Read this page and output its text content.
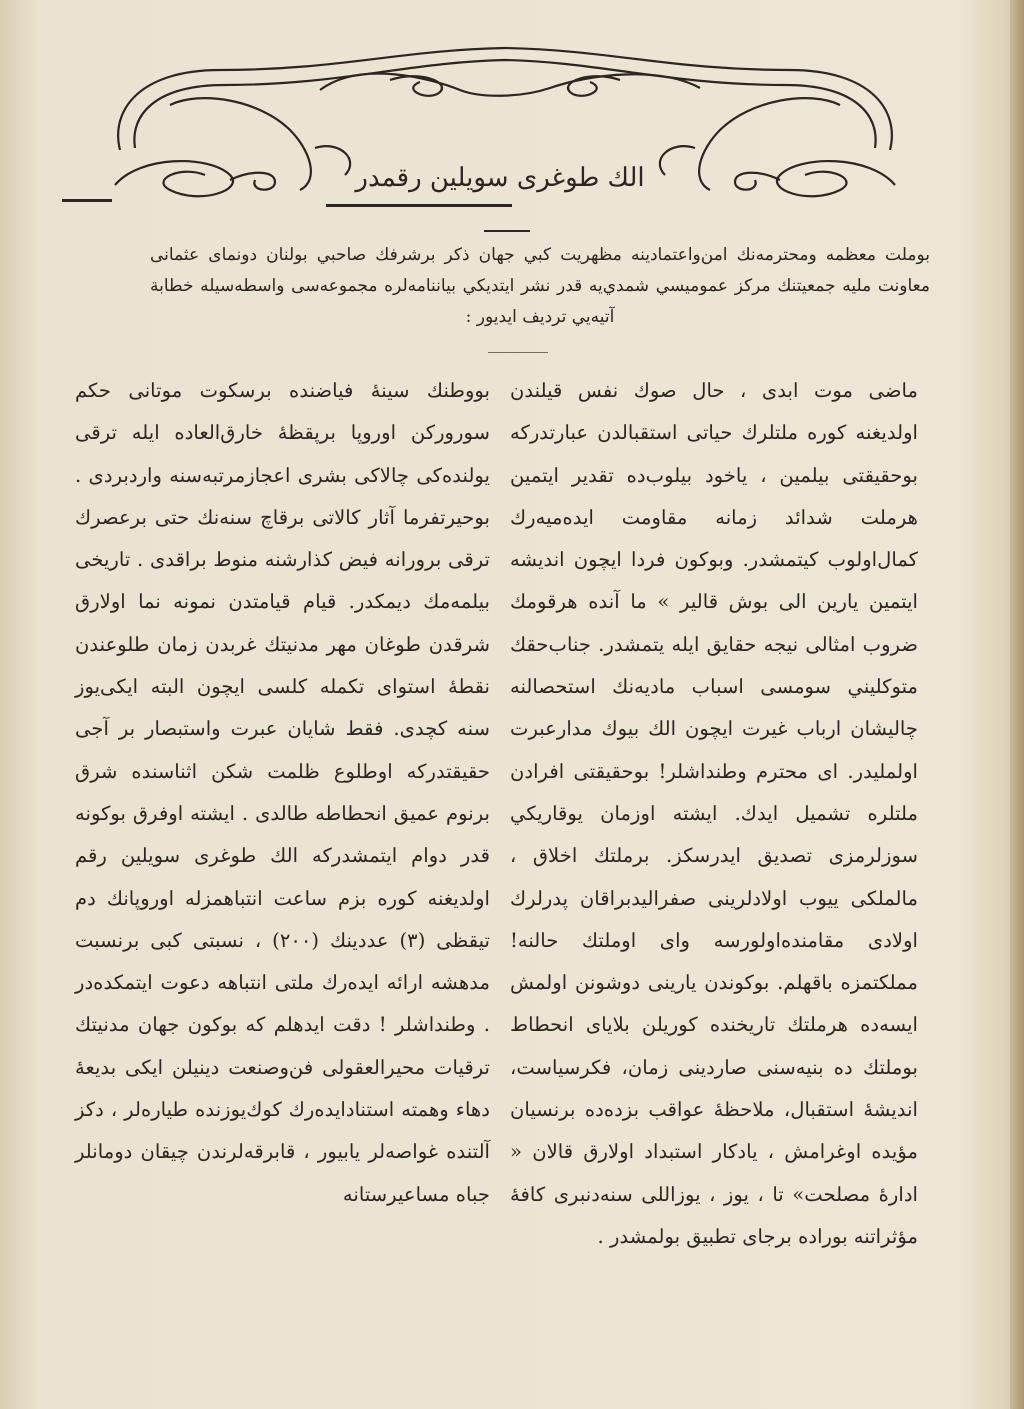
الك طوغرى سويلين رقمدر
بوملت معظمه ومحترمه‌نك امن‌واعتمادينه مظهريت كبي جهان ذكر برشرفك صاحبي بولنان دونمای عثمانی معاونت مليه جمعيتنك مركز عموميسي شمدي‌يه قدر نشر ايتديكي بياننامه‌لره مجموعه‌سی واسطه‌سيله خطابة آتيه‌يي ترديف ايديور :
ماضی موت ابدی ، حال صوك نفس قيلندن اولديغنه كوره ملتلرك حياتی استقبالدن عبارتدركه بوحقيقتی بيلمين ، ياخود بيلوب‌ده تقدير ايتمين هرملت شدائد زمانه مقاومت ايده‌ميه‌رك كمال‌اولوب كيتمشدر. وبوكون فردا ايچون انديشه ايتمين يارين الی بوش قالير » ما آنده هرقومك ضروب امثالی نيجه حقايق ايله يتمشدر. جناب‌حقك متوكليني سومسی اسباب ماديه‌نك استحصالنه چاليشان ارباب غيرت ايچون الك بيوك مدارعبرت اولمليدر. ای محترم وطنداشلر! بوحقيقتی افرادن ملتلره تشميل ايدك. ايشته اوزمان يوقاريكي سوزلرمزی تصديق ايدرسكز. برملتك اخلاق ، مالملكی ييوب اولادلرينی صفرالیدبراقان پدرلرك اولادی مقامنده‌اولورسه وای اوملتك حالنه! مملكتمزه باقهلم. بوكوندن يارينی دوشونن اولمش ايسه‌ده هرملتك تاريخنده كوريلن بلايای انحطاط بوملتك ده بنيه‌سنی صاردينی زمان، فكرسياست، انديشهٔ استقبال، ملاحظهٔ عواقب بزده‌ده برنسيان مؤيده اوغرامش ، يادكار استبداد اولارق قالان « ادارهٔ مصلحت» تا ، يوز ، يوزاللی سنه‌دنبری كافهٔ مؤثراتنه بوراده برجای تطبيق بولمشدر .
بووطنك سينهٔ فياضنده برسكوت موتانی حكم سورورکن اوروپا برپقظهٔ خارق‌العاده ايله ترقی يولنده‌كی چالاكی بشری اعجازمرتبه‌سنه واردبردی . بوحيرتفرما آثار كالاتی برقاچ سنه‌نك حتی برعصرك ترقی برورانه فيض كذارشنه منوط براقدی . تاريخی بيلمه‌مك ديمكدر. قيام قيامتدن نمونه نما اولارق شرقدن طوغان مهر مدنيتك غربدن زمان طلوعندن نقطهٔ استوای تكمله كلسی ايچون البته ايكی‌يوز سنه كچدی. فقط شايان عبرت واستبصار بر آجی حقيقتدركه اوطلوع ظلمت شكن اثناسنده شرق برنوم عميق انحطاطه طالدی . ايشته اوفرق بوكونه قدر دوام ايتمشدركه الك طوغری سويلين رقم اولديغنه كوره بزم ساعت انتباهمزله اوروپانك دم تيقظی (٣) عددينك (٢٠٠) ، نسبتی كبی برنسبت مدهشه ارائه ايده‌رك ملتی انتباهه دعوت ايتمكده‌در . وطنداشلر ! دقت ايدهلم كه بوكون جهان مدنيتك ترقيات محيرالعقولی فن‌وصنعت دينيلن ايكی بديعهٔ دهاء وهمته استنادايده‌رك كوك‌يوزنده طياره‌لر ، دكز آلتنده غواصه‌لر يابيور ، قابرقه‌لرندن چيقان دومانلر جباه مساعيرستانه
